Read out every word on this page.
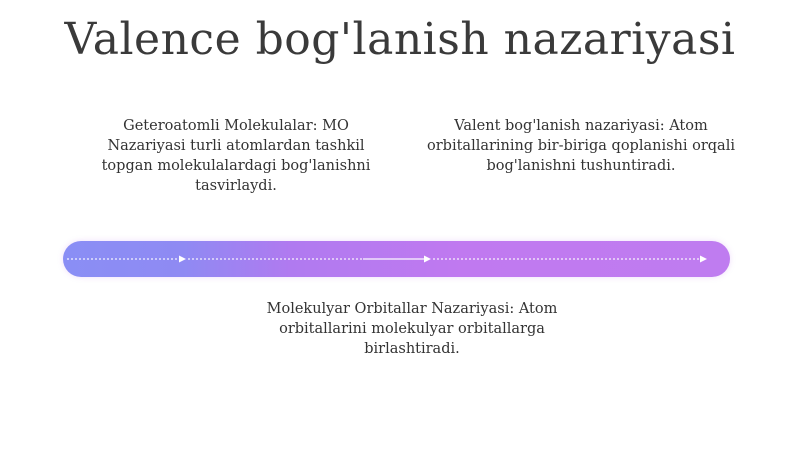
Valence bog'lanish nazariyasi
Geteroatomli Molekulalar: MO Nazariyasi turli atomlardan tashkil topgan molekulalardagi bog'lanishni tasvirlaydi.
Valent bog'lanish nazariyasi: Atom orbitallarining bir-biriga qoplanishi orqali bog'lanishni tushuntiradi.
Molekulyar Orbitallar Nazariyasi: Atom orbitallarini molekulyar orbitallarga birlashtiradi.
